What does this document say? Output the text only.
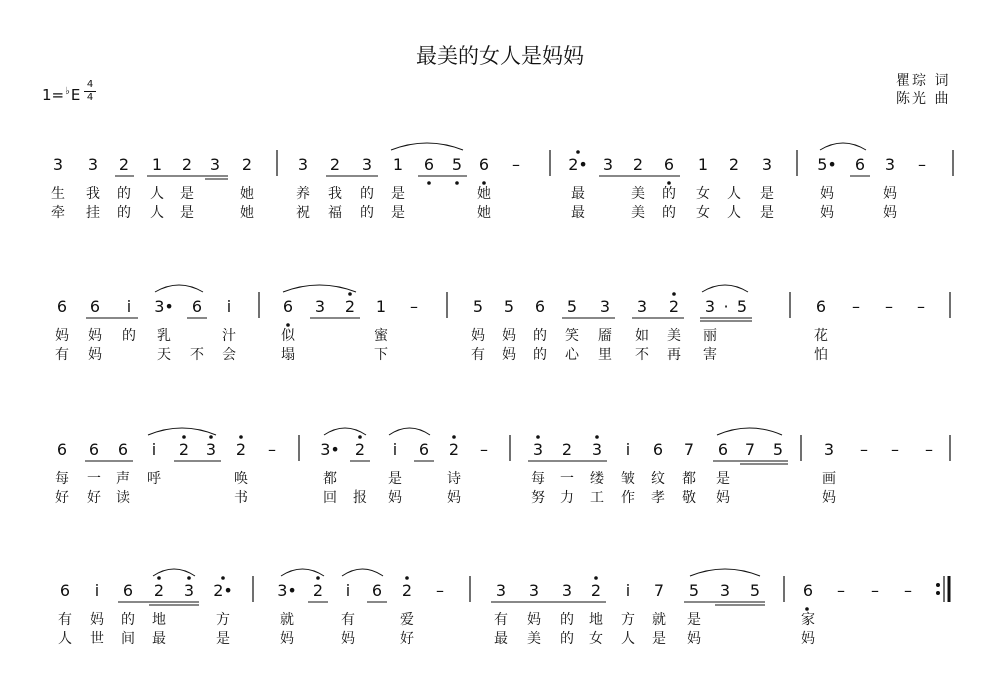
最美的女人是妈妈
1=♭E
4
4
瞿琮 词
陈光 曲
3 3 2 1 2 3 2	3 2 3 1 6 5 6 –	2• 3 2 6 1 2 3	5• 6 3 –
生 我 的 人 是	她	养 我 的 是	她	最	美 的 女 人 是	妈	妈
牵 挂 的 人 是	她	祝 福 的 是	她	最	美 的 女 人 是	妈	妈
6 6 i 3• 6 i	6 3 2 1 –	5 5 6 5 3 3 2 3 · 5	6 – – –
妈 妈 的 乳	汁	似	蜜	妈 妈 的 笑 靥 如 美 丽	花
有 妈	天 不 会	塌	下	有 妈 的 心 里 不 再 害	怕
6 6 6 i 2 3 2 –	3• 2 i 6 2 –	3 2 3 i 6 7 6 7 5	3 – – –
每 一 声 呼	唤	都	是	诗	每 一 缕 皱 纹 都 是	画
好 好 读	书	回 报 妈	妈	努 力 工 作 孝 敬 妈	妈
6 i 6 2 3 2•	3• 2 i 6 2 –	3 3 3 2 i 7 5 3 5	6 – – –
有 妈 的 地	方	就	有	爱	有 妈 的 地 方 就 是	家
人 世 间 最	是	妈	妈	好	最 美 的 女 人 是 妈	妈
